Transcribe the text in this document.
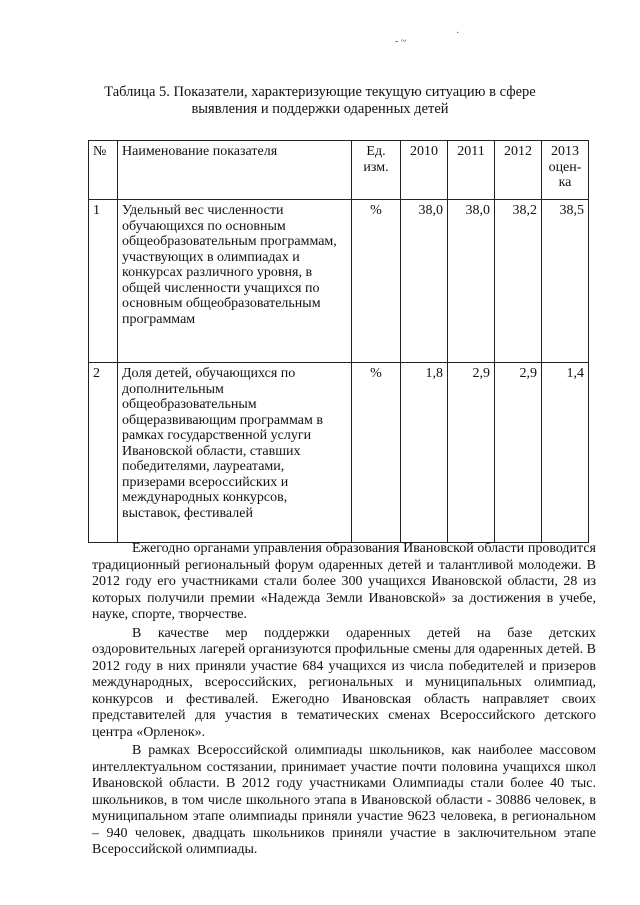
- ~
·
Таблица 5. Показатели, характеризующие текущую ситуацию в сфере
выявления и поддержки одаренных детей
№	Наименование показателя	Ед. изм.	2010	2011	2012	2013 оцен-ка
1	Удельный вес численности обучающихся по основным общеобразовательным программам, участвующих в олимпиадах и конкурсах различного уровня, в общей численности учащихся по основным общеобразовательным программам	%	38,0	38,0	38,2	38,5
2	Доля детей, обучающихся по дополнительным общеобразовательным общеразвивающим программам в рамках государственной услуги Ивановской области, ставших победителями, лауреатами, призерами всероссийских и международных конкурсов, выставок, фестивалей	%	1,8	2,9	2,9	1,4

Ежегодно органами управления образования Ивановской области проводится традиционный региональный форум одаренных детей и талантливой молодежи. В 2012 году его участниками стали более 300 учащихся Ивановской области, 28 из которых получили премии «Надежда Земли Ивановской» за достижения в учебе, науке, спорте, творчестве.

В качестве мер поддержки одаренных детей на базе детских оздоровительных лагерей организуются профильные смены для одаренных детей. В 2012 году в них приняли участие 684 учащихся из числа победителей и призеров международных, всероссийских, региональных и муниципальных олимпиад, конкурсов и фестивалей. Ежегодно Ивановская область направляет своих представителей для участия в тематических сменах Всероссийского детского центра «Орленок».

В рамках Всероссийской олимпиады школьников, как наиболее массовом интеллектуальном состязании, принимает участие почти половина учащихся школ Ивановской области. В 2012 году участниками Олимпиады стали более 40 тыс. школьников, в том числе школьного этапа в Ивановской области - 30886 человек, в муниципальном этапе олимпиады приняли участие 9623 человека, в региональном – 940 человек, двадцать школьников приняли участие в заключительном этапе Всероссийской олимпиады.
